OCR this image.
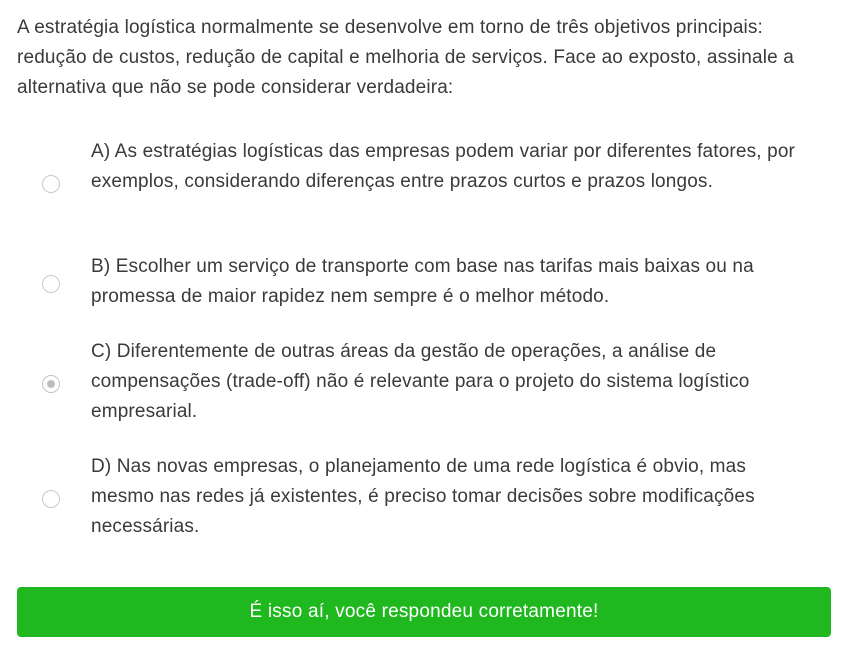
A estratégia logística normalmente se desenvolve em torno de três objetivos principais: redução de custos, redução de capital e melhoria de serviços. Face ao exposto, assinale a alternativa que não se pode considerar verdadeira:

A) As estratégias logísticas das empresas podem variar por diferentes fatores, por exemplos, considerando diferenças entre prazos curtos e prazos longos.
B) Escolher um serviço de transporte com base nas tarifas mais baixas ou na promessa de maior rapidez nem sempre é o melhor método.
C) Diferentemente de outras áreas da gestão de operações, a análise de compensações (trade-off) não é relevante para o projeto do sistema logístico empresarial.
D) Nas novas empresas, o planejamento de uma rede logística é obvio, mas mesmo nas redes já existentes, é preciso tomar decisões sobre modificações necessárias.
É isso aí, você respondeu corretamente!
